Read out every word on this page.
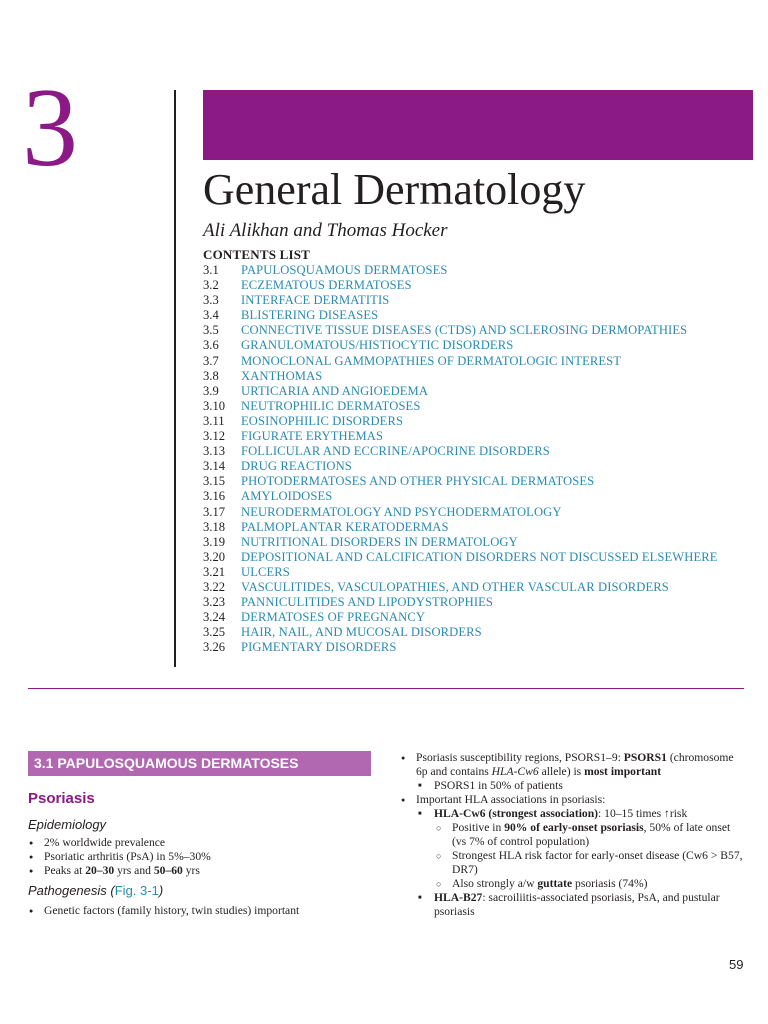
3	General Dermatology
Ali Alikhan and Thomas Hocker
CONTENTS LIST
3.1	PAPULOSQUAMOUS DERMATOSES
3.2	ECZEMATOUS DERMATOSES
3.3	INTERFACE DERMATITIS
3.4	BLISTERING DISEASES
3.5	CONNECTIVE TISSUE DISEASES (CTDS) AND SCLEROSING DERMOPATHIES
3.6	GRANULOMATOUS/HISTIOCYTIC DISORDERS
3.7	MONOCLONAL GAMMOPATHIES OF DERMATOLOGIC INTEREST
3.8	XANTHOMAS
3.9	URTICARIA AND ANGIOEDEMA
3.10	NEUTROPHILIC DERMATOSES
3.11	EOSINOPHILIC DISORDERS
3.12	FIGURATE ERYTHEMAS
3.13	FOLLICULAR AND ECCRINE/APOCRINE DISORDERS
3.14	DRUG REACTIONS
3.15	PHOTODERMATOSES AND OTHER PHYSICAL DERMATOSES
3.16	AMYLOIDOSES
3.17	NEURODERMATOLOGY AND PSYCHODERMATOLOGY
3.18	PALMOPLANTAR KERATODERMAS
3.19	NUTRITIONAL DISORDERS IN DERMATOLOGY
3.20	DEPOSITIONAL AND CALCIFICATION DISORDERS NOT DISCUSSED ELSEWHERE
3.21	ULCERS
3.22	VASCULITIDES, VASCULOPATHIES, AND OTHER VASCULAR DISORDERS
3.23	PANNICULITIDES AND LIPODYSTROPHIES
3.24	DERMATOSES OF PREGNANCY
3.25	HAIR, NAIL, AND MUCOSAL DISORDERS
3.26	PIGMENTARY DISORDERS
3.1 PAPULOSQUAMOUS DERMATOSES
Psoriasis
Epidemiology
● 2% worldwide prevalence
● Psoriatic arthritis (PsA) in 5%–30%
● Peaks at 20–30 yrs and 50–60 yrs
Pathogenesis (Fig. 3-1)
● Genetic factors (family history, twin studies) important
● Psoriasis susceptibility regions, PSORS1–9: PSORS1 (chromosome 6p and contains HLA-Cw6 allele) is most important
■ PSORS1 in 50% of patients
● Important HLA associations in psoriasis:
■ HLA-Cw6 (strongest association): 10–15 times ↑risk
○ Positive in 90% of early-onset psoriasis, 50% of late onset (vs 7% of control population)
○ Strongest HLA risk factor for early-onset disease (Cw6 > B57, DR7)
○ Also strongly a/w guttate psoriasis (74%)
■ HLA-B27: sacroiliitis-associated psoriasis, PsA, and pustular psoriasis
59
